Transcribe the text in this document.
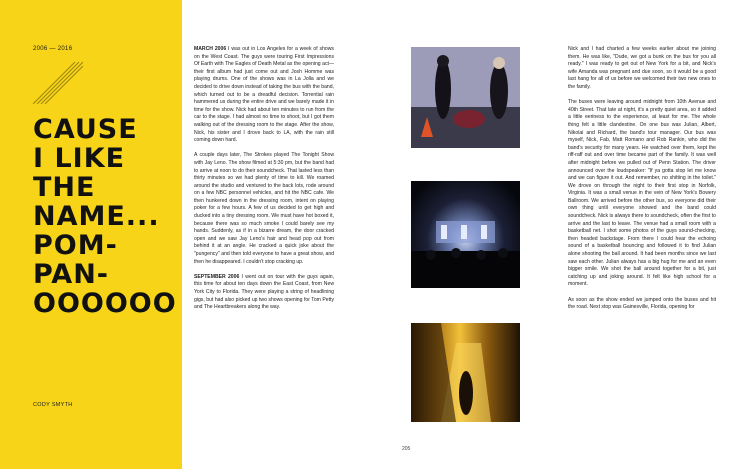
2006 — 2016
CAUSE
I LIKE
THE
NAME...
POM-
PAN-
OOOOOO
CODY SMYTH

MARCH 2006 I was out in Los Angeles for a week of shows on the West Coast. The guys were touring First Impressions Of Earth with The Eagles of Death Metal as the opening act—their first album had just come out and Josh Homme was playing drums. One of the shows was in La Jolla and we decided to drive down instead of taking the bus with the band, which turned out to be a dreadful decision. Torrential rain hammered us during the entire drive and we barely made it in time for the show. Nick had about ten minutes to run from the car to the stage. I had almost no time to shoot, but I got them walking out of the dressing room to the stage. After the show, Nick, his sister and I drove back to LA, with the rain still coming down hard.

A couple days later, The Strokes played The Tonight Show with Jay Leno. The show filmed at 5:30 pm, but the band had to arrive at noon to do their soundcheck. That lasted less than thirty minutes so we had plenty of time to kill. We roamed around the studio and ventured to the back lots, rode around on a few NBC personnel vehicles, and hit the NBC cafe. We then hunkered down in the dressing room, intent on playing poker for a few hours. A few of us decided to get high and ducked into a tiny dressing room. We must have hot boxed it, because there was so much smoke I could barely see my hands. Suddenly, as if in a bizarre dream, the door cracked open and we saw Jay Leno's hair and head pop out from behind it at an angle. He cracked a quick joke about the "pungency" and then told everyone to have a great show, and then he disappeared. I couldn't stop cracking up.

SEPTEMBER 2006 I went out on tour with the guys again, this time for about ten days down the East Coast, from New York City to Florida. They were playing a string of headlining gigs, but had also picked up two shows opening for Tom Petty and The Heartbreakers along the way.

Nick and I had charted a few weeks earlier about me joining them. He was like, "Dude, we got a bunk on the bus for you all ready." I was ready to get out of New York for a bit, and Nick's wife Amanda was pregnant and due soon, so it would be a good last hang for all of us before we welcomed their two new ones to the family.

The buses were leaving around midnight from 10th Avenue and 40th Street. That late at night, it's a pretty quiet area, so it added a little eeriness to the experience, at least for me. The whole thing felt a little clandestine. On one bus was Julian, Albert, Nikolai and Richard, the band's tour manager. Our bus was myself, Nick, Fab, Matt Romano and Rob Rankin, who did the band's security for many years. He watched over them, kept the riff-raff out and over time became part of the family. It was well after midnight before we pulled out of Penn Station. The driver announced over the loudspeaker: "If ya gotta stop let me know and we can figure it out. And remember, no shitting in the toilet." We drove on through the night to their first stop in Norfolk, Virginia. It was a small venue in the vein of New York's Bowery Ballroom. We arrived before the other bus, so everyone did their own thing until everyone showed and the band could soundcheck. Nick is always there to soundcheck, often the first to arrive and the last to leave. The venue had a small room with a basketball net. I shot some photos of the guys sound-checking, then headed backstage. From there I could hear the echoing sound of a basketball bouncing and followed it to find Julian alone shooting the ball around. It had been months since we last saw each other. Julian always has a big hug for me and an even bigger smile. We shot the ball around together for a bit, just catching up and joking around. It felt like high school for a moment.

As soon as the show ended we jumped onto the buses and hit the road. Next stop was Gainesville, Florida, opening for

205
